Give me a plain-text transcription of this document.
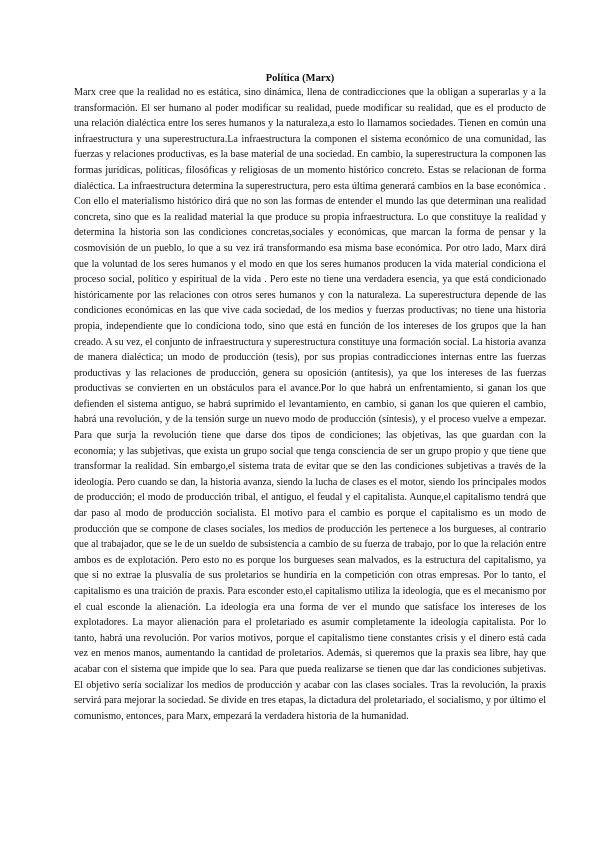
Política (Marx)

Marx cree que la realidad no es estática, sino dinámica, llena de contradicciones que la obligan a superarlas y a la transformación. El ser humano al poder modificar su realidad, puede modificar su realidad, que es el producto de una relación dialéctica entre los seres humanos y la naturaleza,a esto lo llamamos sociedades. Tienen en común una infraestructura y una superestructura.La infraestructura la componen el sistema económico de una comunidad, las fuerzas y relaciones productivas, es la base material de una sociedad. En cambio, la superestructura la componen las formas jurídicas, políticas, filosóficas y religiosas de un momento histórico concreto. Estas se relacionan de forma dialéctica. La infraestructura determina la superestructura, pero esta última generará cambios en la base económica . Con ello el materialismo histórico dirá que no son las formas de entender el mundo las que determinan una realidad concreta, sino que es la realidad material la que produce su propia infraestructura. Lo que constituye la realidad y determina la historia son las condiciones concretas,sociales y económicas, que marcan la forma de pensar y la cosmovisión de un pueblo, lo que a su vez irá transformando esa misma base económica. Por otro lado, Marx dirá que la voluntad de los seres humanos y el modo en que los seres humanos producen la vida material condiciona el proceso social, político y espiritual de la vida . Pero este no tiene una verdadera esencia, ya que está condicionado históricamente por las relaciones con otros seres humanos y con la naturaleza. La superestructura depende de las condiciones económicas en las que vive cada sociedad, de los medios y fuerzas productivas; no tiene una historia propia, independiente que lo condiciona todo, sino que está en función de los intereses de los grupos que la han creado. A su vez, el conjunto de infraestructura y superestructura constituye una formación social. La historia avanza de manera dialéctica; un modo de producción (tesis), por sus propias contradicciones internas entre las fuerzas productivas y las relaciones de producción, genera su oposición (antítesis), ya que los intereses de las fuerzas productivas se convierten en un obstáculos para el avance.Por lo que habrá un enfrentamiento, si ganan los que defienden el sistema antiguo, se habrá suprimido el levantamiento, en cambio, si ganan los que quieren el cambio, habrá una revolución, y de la tensión surge un nuevo modo de producción (síntesis), y el proceso vuelve a empezar. Para que surja la revolución tiene que darse dos tipos de condiciones; las objetivas, las que guardan con la economía; y las subjetivas, que exista un grupo social que tenga consciencia de ser un grupo propio y que tiene que transformar la realidad. Sin embargo,el sistema trata de evitar que se den las condiciones subjetivas a través de la ideología. Pero cuando se dan, la historia avanza, siendo la lucha de clases es el motor, siendo los principales modos de producción; el modo de producción tribal, el antiguo, el feudal y el capitalista. Aunque,el capitalismo tendrá que dar paso al modo de producción socialista. El motivo para el cambio es porque el capitalismo es un modo de producción que se compone de clases sociales, los medios de producción les pertenece a los burgueses, al contrario que al trabajador, que se le de un sueldo de subsistencia a cambio de su fuerza de trabajo, por lo que la relación entre ambos es de explotación. Pero esto no es porque los burgueses sean malvados, es la estructura del capitalismo, ya que si no extrae la plusvalía de sus proletarios se hundiría en la competición con otras empresas. Por lo tanto, el capitalismo es una traición de praxis. Para esconder esto,el capitalismo utiliza la ideología, que es el mecanismo por el cual esconde la alienación. La ideología era una forma de ver el mundo que satisface los intereses de los explotadores. La mayor alienación para el proletariado es asumir completamente la ideología capitalista. Por lo tanto, habrá una revolución. Por varios motivos, porque el capitalismo tiene constantes crisis y el dinero está cada vez en menos manos, aumentando la cantidad de proletarios. Además, si queremos que la praxis sea libre, hay que acabar con el sistema que impide que lo sea. Para que pueda realizarse se tienen que dar las condiciones subjetivas. El objetivo sería socializar los medios de producción y acabar con las clases sociales. Tras la revolución, la praxis servirá para mejorar la sociedad. Se divide en tres etapas, la dictadura del proletariado, el socialismo, y por último el comunismo, entonces, para Marx, empezará la verdadera historia de la humanidad.
